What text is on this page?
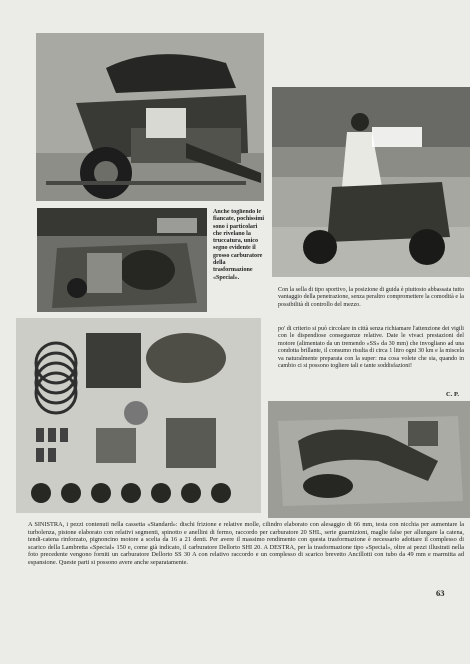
Anche togliendo le fiancate, pochissimi sono i particolari che rivelano la truccatura, unico segno evidente il grosso carburatore della trasformazione «Special».
Con la sella di tipo sportivo, la posizione di guida è piuttosto abbassata tutto vantaggio della penetrazione, senza peraltro compromettere la comodità e la possibilità di controllo del mezzo.
po' di criterio si può circolare in città senza richiamare l'attenzione dei vigili con le dispendiose conseguenze relative. Date le vivaci prestazioni del motore (alimentato da un tremendo «SS» da 30 mm) che invogliano ad una condotta brillante, il consumo risulta di circa 1 litro ogni 30 km e la miscela va naturalmente preparata con la super: ma cosa volete che sia, quando in cambio ci si possono togliere tali e tante soddisfazioni!
C. P.
A SINISTRA, i pezzi contenuti nella cassetta «Standard»: dischi frizione e relative molle, cilindro elaborato con alesaggio di 66 mm, testa con nicchia per aumentare la turbolenza, pistone elaborato con relativi segmenti, spinotto e anellini di fermo, raccordo per carburatore 20 SHL, serie guarnizioni, maglie false per allungare la catena, tendi-catena rinforzato, pignoncino motore a scelta da 16 a 21 denti. Per avere il massimo rendimento con questa trasformazione è necessario adottare il complesso di scarico della Lambretta «Special» 150 e, come già indicato, il carburatore Dellorto SHI 20. A DESTRA, per la trasformazione tipo «Special», oltre ai pezzi illustrati nella foto precedente vengono forniti un carburatore Dellorto SS 30 A con relativo raccordo e un complesso di scarico brevetto Ancillotti con tubo da 49 mm e marmitta ad espansione. Queste parti si possono avere anche separatamente.
63
